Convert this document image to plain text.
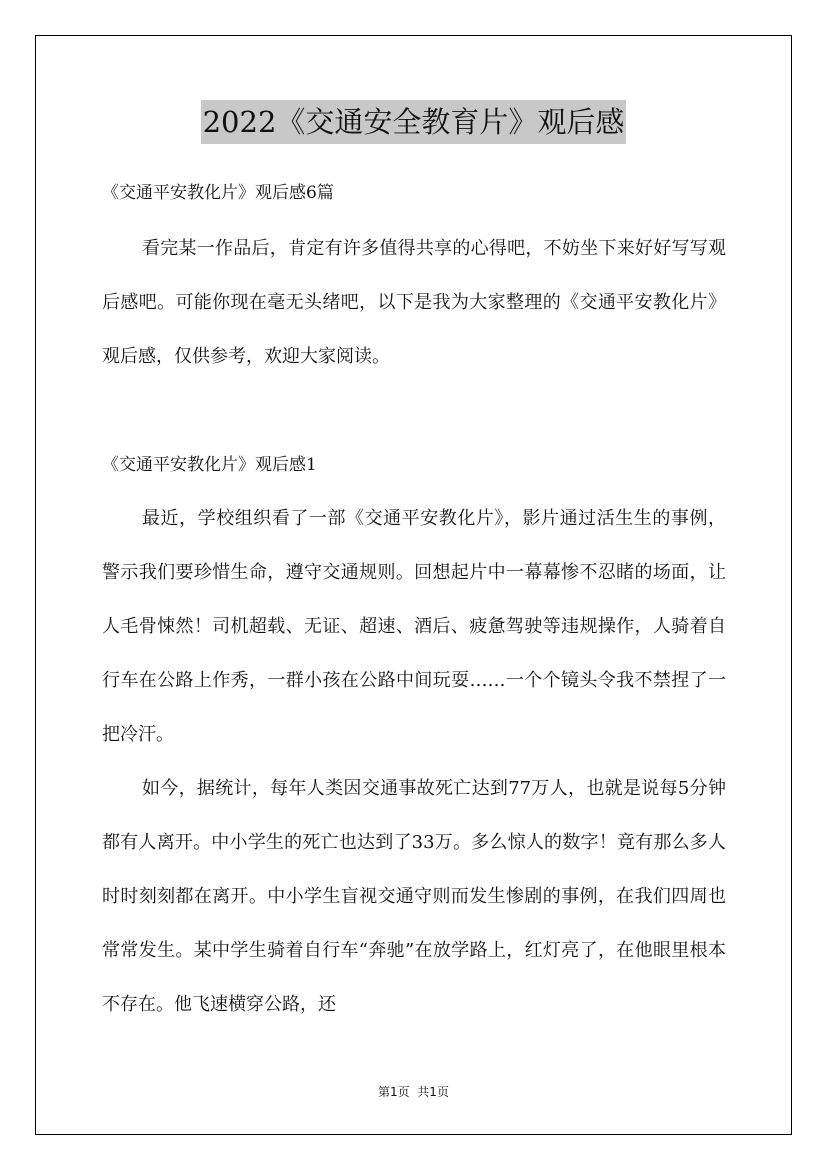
2022《交通安全教育片》观后感
《交通平安教化片》观后感6篇

看完某一作品后，肯定有许多值得共享的心得吧，不妨坐下来好好写写观后感吧。可能你现在毫无头绪吧，以下是我为大家整理的《交通平安教化片》观后感，仅供参考，欢迎大家阅读。

《交通平安教化片》观后感1

最近，学校组织看了一部《交通平安教化片》，影片通过活生生的事例，警示我们要珍惜生命，遵守交通规则。回想起片中一幕幕惨不忍睹的场面，让人毛骨悚然！司机超载、无证、超速、酒后、疲惫驾驶等违规操作，人骑着自行车在公路上作秀，一群小孩在公路中间玩耍……一个个镜头令我不禁捏了一把冷汗。

如今，据统计，每年人类因交通事故死亡达到77万人，也就是说每5分钟都有人离开。中小学生的死亡也达到了33万。多么惊人的数字！竟有那么多人时时刻刻都在离开。中小学生盲视交通守则而发生惨剧的事例，在我们四周也常常发生。某中学生骑着自行车“奔驰”在放学路上，红灯亮了，在他眼里根本不存在。他飞速横穿公路，还

第1页  共1页
